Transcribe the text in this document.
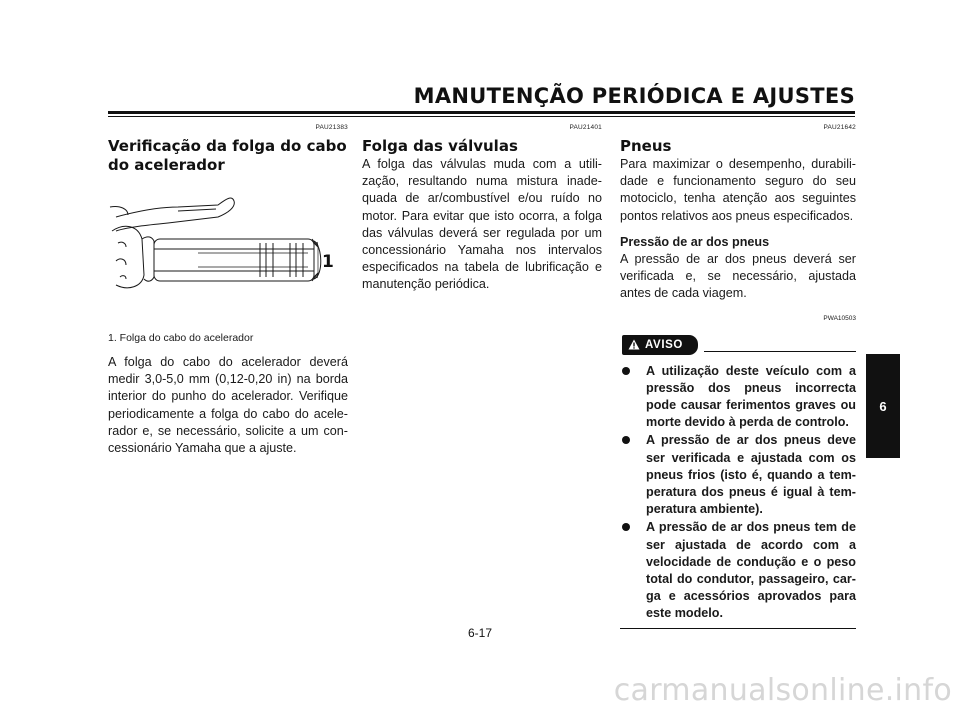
MANUTENÇÃO PERIÓDICA E AJUSTES
PAU21383
Verificação da folga do cabo do acelerador
1
1. Folga do cabo do acelerador
A folga do cabo do acelerador deverá medir 3,0-5,0 mm (0,12-0,20 in) na borda interior do punho do acelerador. Verifique periodicamente a folga do cabo do acele-rador e, se necessário, solicite a um con-cessionário Yamaha que a ajuste.
PAU21401
Folga das válvulas
A folga das válvulas muda com a utili-zação, resultando numa mistura inade-quada de ar/combustível e/ou ruído no motor. Para evitar que isto ocorra, a folga das válvulas deverá ser regulada por um concessionário Yamaha nos intervalos especificados na tabela de lubrificação e manutenção periódica.
PAU21642
Pneus
Para maximizar o desempenho, durabili-dade e funcionamento seguro do seu motociclo, tenha atenção aos seguintes pontos relativos aos pneus especificados.
Pressão de ar dos pneus
A pressão de ar dos pneus deverá ser verificada e, se necessário, ajustada antes de cada viagem.
PWA10503
AVISO
A utilização deste veículo com a pressão dos pneus incorrecta pode causar ferimentos graves ou morte devido à perda de controlo.
A pressão de ar dos pneus deve ser verificada e ajustada com os pneus frios (isto é, quando a tem-peratura dos pneus é igual à tem-peratura ambiente).
A pressão de ar dos pneus tem de ser ajustada de acordo com a velocidade de condução e o peso total do condutor, passageiro, car-ga e acessórios aprovados para este modelo.
6
6-17
carmanualsonline.info
